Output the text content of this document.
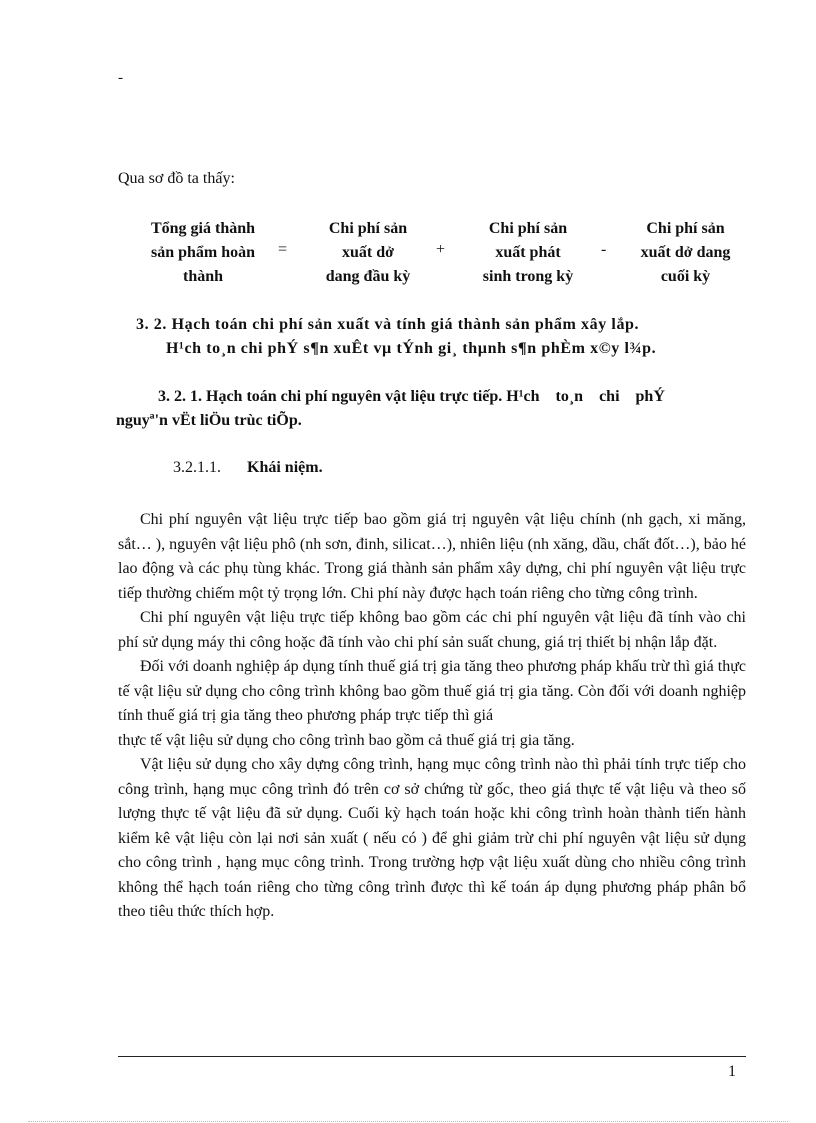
-
Qua sơ đồ ta thấy:
Tổng giá thành
sản phẩm hoàn
thành
=
Chi phí sản
xuất dở
dang đầu kỳ
+
Chi phí sản
xuất phát
sinh trong kỳ
-
Chi phí sản
xuất dở dang
cuối kỳ
3. 2. Hạch toán chi phí sản xuất và tính giá thành sản phẩm xây lắp.
H¹ch to¸n chi phÝ s¶n xuÊt vµ tÝnh gi¸ thµnh s¶n phÈm x©y l¾p.
3. 2. 1. Hạch toán chi phí nguyên vật liệu trực tiếp. H¹ch    to¸n    chi    phÝ
nguyª'n vËt liÖu trùc tiÕp.
3.2.1.1. Khái niệm.

Chi phí nguyên vật liệu trực tiếp bao gồm giá trị nguyên vật liệu chính (nh gạch, xi măng, sắt… ), nguyên vật liệu phô (nh sơn, đinh, silicat…), nhiên liệu (nh xăng, dầu, chất đốt…), bảo hé lao động và các phụ tùng khác. Trong giá thành sản phẩm xây dựng, chi phí nguyên vật liệu trực tiếp thường chiếm một tỷ trọng lớn. Chi phí này được hạch toán riêng cho từng công trình.

Chi phí nguyên vật liệu trực tiếp không bao gồm các chi phí nguyên vật liệu đã tính vào chi phí sử dụng máy thi công hoặc đã tính vào chi phí sản suất chung, giá trị thiết bị nhận lắp đặt.

Đối với doanh nghiệp áp dụng tính thuế giá trị gia tăng theo phương pháp khấu trừ thì giá thực tế vật liệu sử dụng cho công trình không bao gồm thuế giá trị gia tăng. Còn đối với doanh nghiệp tính thuế giá trị gia tăng theo phương pháp trực tiếp thì giá

thực tế vật liệu sử dụng cho công trình bao gồm cả thuế giá trị gia tăng.

Vật liệu sử dụng cho xây dựng công trình, hạng mục công trình nào thì phải tính trực tiếp cho công trình, hạng mục công trình đó trên cơ sở chứng từ gốc, theo giá thực tế vật liệu và theo số lượng thực tế vật liệu đã sử dụng. Cuối kỳ hạch toán hoặc khi công trình hoàn thành tiến hành kiểm kê vật liệu còn lại nơi sản xuất ( nếu có ) để ghi giảm trừ chi phí nguyên vật liệu sử dụng cho công trình , hạng mục công trình. Trong trường hợp vật liệu xuất dùng cho nhiều công trình không thể hạch toán riêng cho từng công trình được thì kế toán áp dụng phương pháp phân bổ theo tiêu thức thích hợp.

1
